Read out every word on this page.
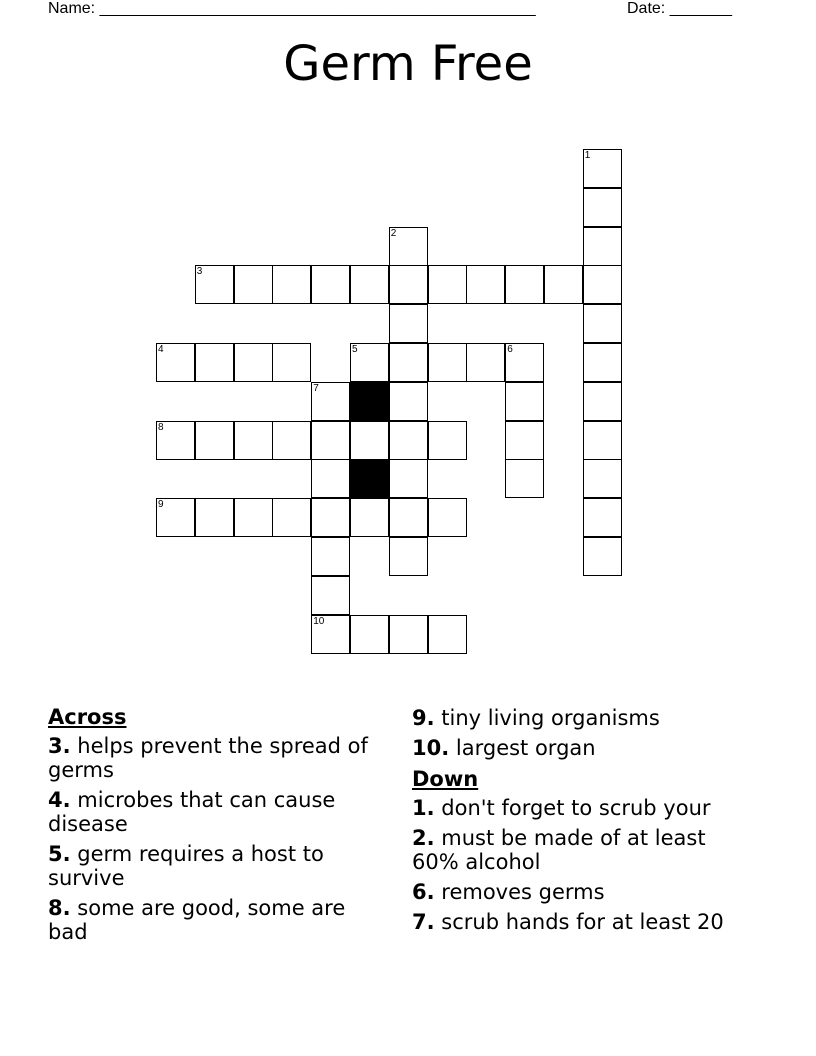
Name: _________________________________________________	Date: _______
Germ Free
1
2
3
4	5	6
7
10
8
9
Across
3. helps prevent the spread of germs
4. microbes that can cause disease
5. germ requires a host to survive
8. some are good, some are bad
9. tiny living organisms
10. largest organ
Down
1. don't forget to scrub your
2. must be made of at least 60% alcohol
6. removes germs
7. scrub hands for at least 20
